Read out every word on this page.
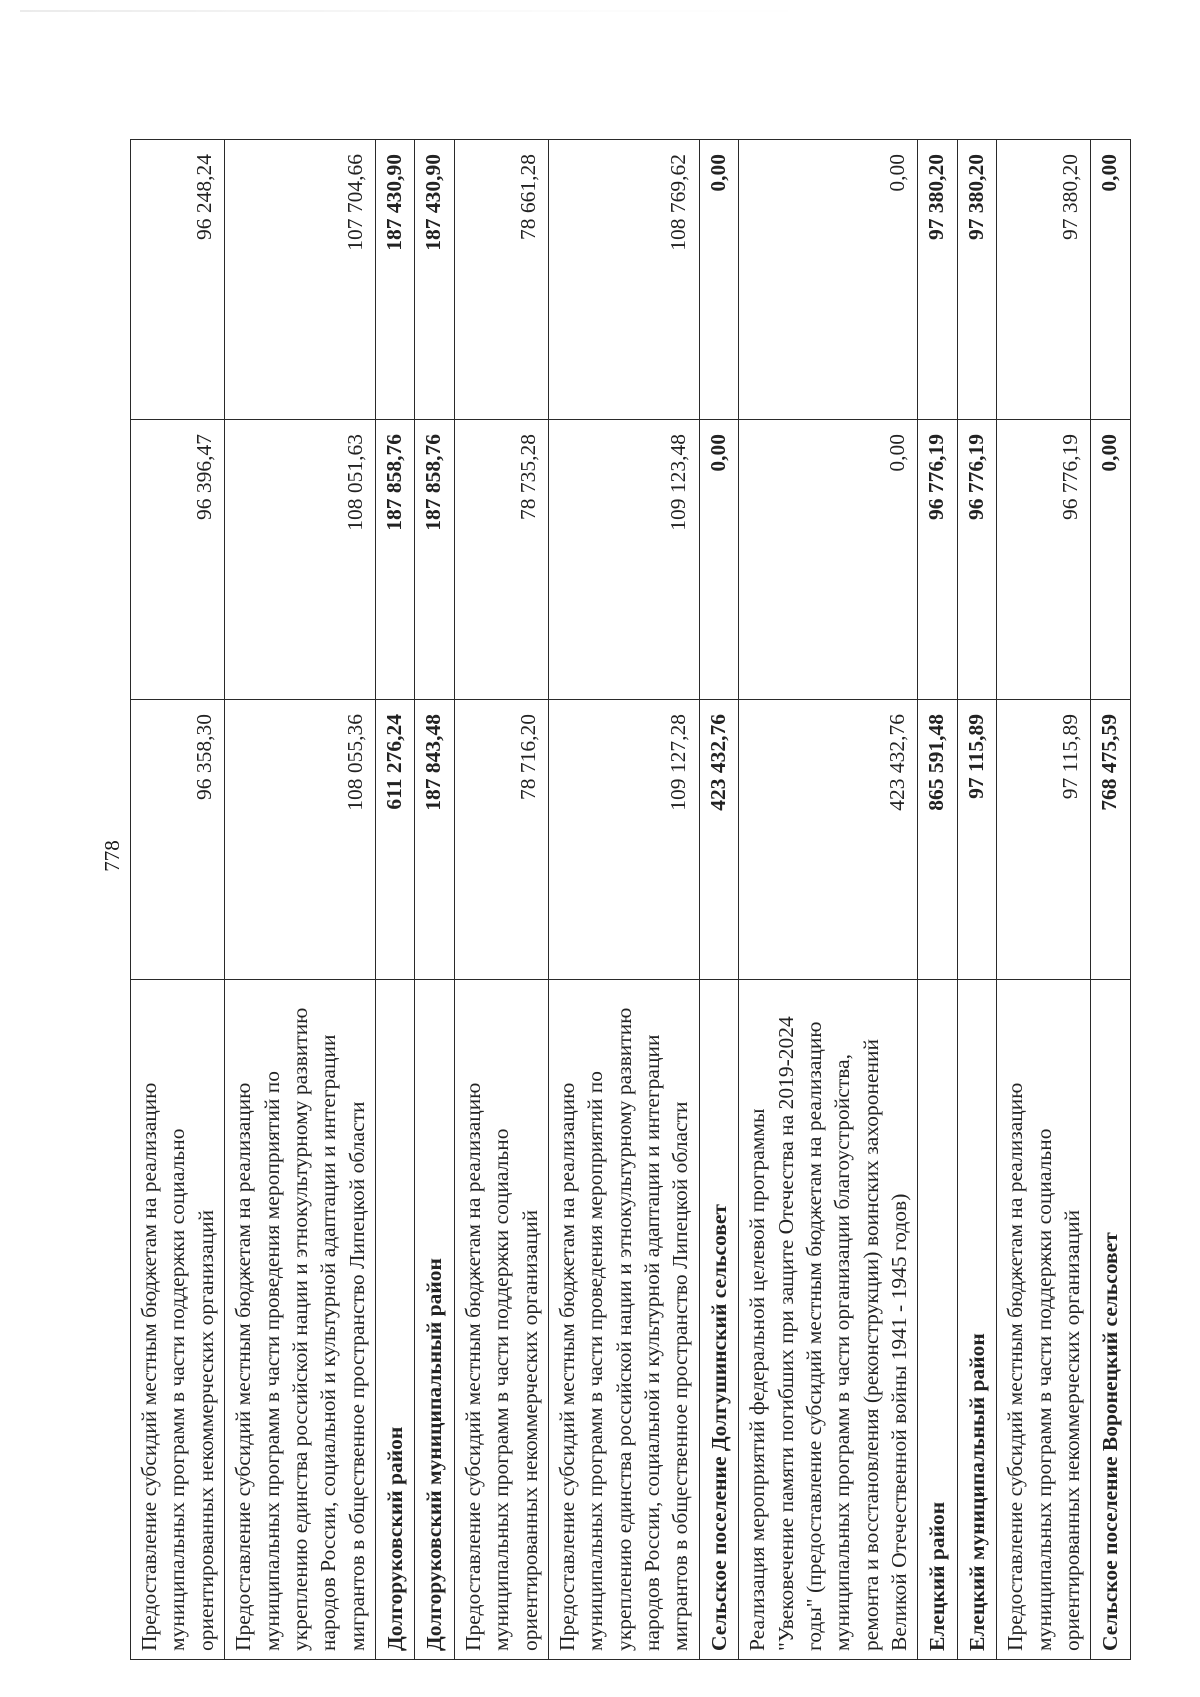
778
Предоставление субсидий местным бюджетам на реализацию муниципальных программ в части поддержки социально ориентированных некоммерческих организаций	96 358,30	96 396,47	96 248,24
Предоставление субсидий местным бюджетам на реализацию муниципальных программ в части проведения мероприятий по укреплению единства российской нации и этнокультурному развитию народов России, социальной и культурной адаптации и интеграции мигрантов в общественное пространство Липецкой области	108 055,36	108 051,63	107 704,66
Долгоруковский район	611 276,24	187 858,76	187 430,90
Долгоруковский муниципальный район	187 843,48	187 858,76	187 430,90
Предоставление субсидий местным бюджетам на реализацию муниципальных программ в части поддержки социально ориентированных некоммерческих организаций	78 716,20	78 735,28	78 661,28
Предоставление субсидий местным бюджетам на реализацию муниципальных программ в части проведения мероприятий по укреплению единства российской нации и этнокультурному развитию народов России, социальной и культурной адаптации и интеграции мигрантов в общественное пространство Липецкой области	109 127,28	109 123,48	108 769,62
Сельское поселение Долгушинский сельсовет	423 432,76	0,00	0,00
Реализация мероприятий федеральной целевой программы "Увековечение памяти погибших при защите Отечества на 2019-2024 годы" (предоставление субсидий местным бюджетам на реализацию муниципальных программ в части организации благоустройства, ремонта и восстановления (реконструкции) воинских захоронений Великой Отечественной войны 1941 - 1945 годов)	423 432,76	0,00	0,00
Елецкий район	865 591,48	96 776,19	97 380,20
Елецкий муниципальный район	97 115,89	96 776,19	97 380,20
Предоставление субсидий местным бюджетам на реализацию муниципальных программ в части поддержки социально ориентированных некоммерческих организаций	97 115,89	96 776,19	97 380,20
Сельское поселение Воронецкий сельсовет	768 475,59	0,00	0,00
